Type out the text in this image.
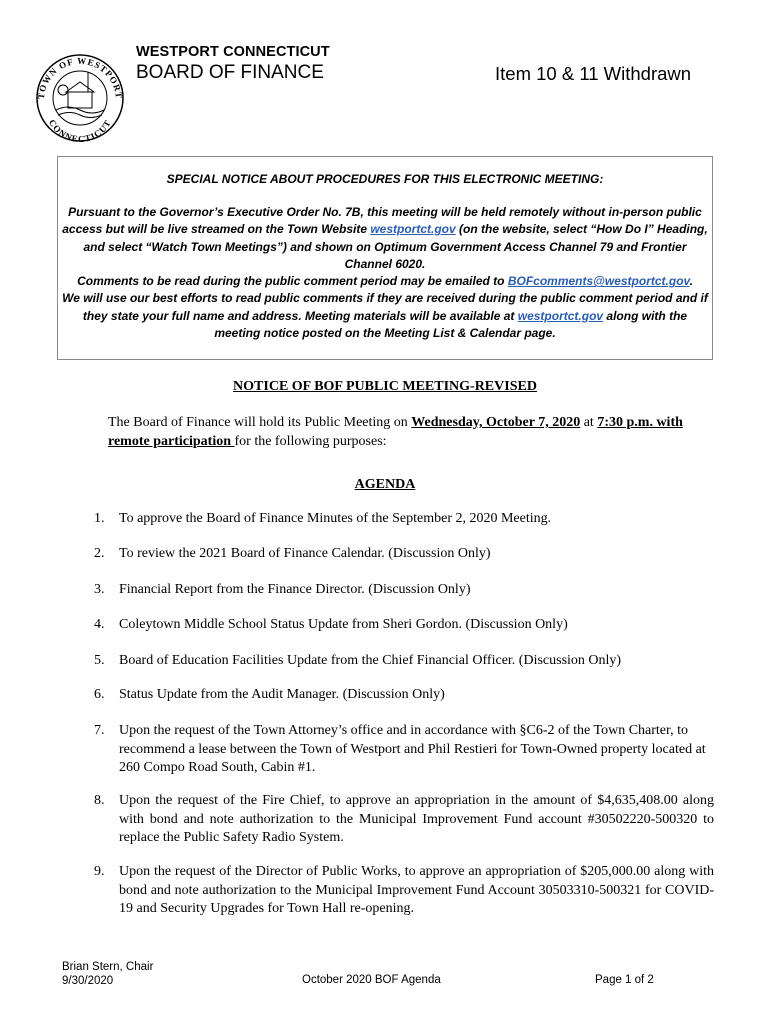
TOWN OF WESTPORT
CONNECTICUT
WESTPORT CONNECTICUT
BOARD OF FINANCE	Item 10 & 11 Withdrawn
SPECIAL NOTICE ABOUT PROCEDURES FOR THIS ELECTRONIC MEETING:
Pursuant to the Governor’s Executive Order No. 7B, this meeting will be held remotely without in-person public access but will be live streamed on the Town Website westportct.gov (on the website, select “How Do I” Heading, and select “Watch Town Meetings”) and shown on Optimum Government Access Channel 79 and Frontier Channel 6020.
Comments to be read during the public comment period may be emailed to BOFcomments@westportct.gov.
We will use our best efforts to read public comments if they are received during the public comment period and if they state your full name and address. Meeting materials will be available at westportct.gov along with the meeting notice posted on the Meeting List & Calendar page.
NOTICE OF BOF PUBLIC MEETING-REVISED
The Board of Finance will hold its Public Meeting on Wednesday, October 7, 2020 at 7:30 p.m. with remote participation for the following purposes:
AGENDA
1.	To approve the Board of Finance Minutes of the September 2, 2020 Meeting.
2.	To review the 2021 Board of Finance Calendar. (Discussion Only)
3.	Financial Report from the Finance Director. (Discussion Only)
4.	Coleytown Middle School Status Update from Sheri Gordon. (Discussion Only)
5.	Board of Education Facilities Update from the Chief Financial Officer. (Discussion Only)
6.	Status Update from the Audit Manager. (Discussion Only)
7.	Upon the request of the Town Attorney’s office and in accordance with §C6-2 of the Town Charter, to recommend a lease between the Town of Westport and Phil Restieri for Town-Owned property located at 260 Compo Road South, Cabin #1.
8.	Upon the request of the Fire Chief, to approve an appropriation in the amount of $4,635,408.00 along with bond and note authorization to the Municipal Improvement Fund account #30502220-500320 to replace the Public Safety Radio System.
9.	Upon the request of the Director of Public Works, to approve an appropriation of $205,000.00 along with bond and note authorization to the Municipal Improvement Fund Account 30503310-500321 for COVID-19 and Security Upgrades for Town Hall re-opening.
Brian Stern, Chair
9/30/2020	October 2020 BOF Agenda	Page 1 of 2
